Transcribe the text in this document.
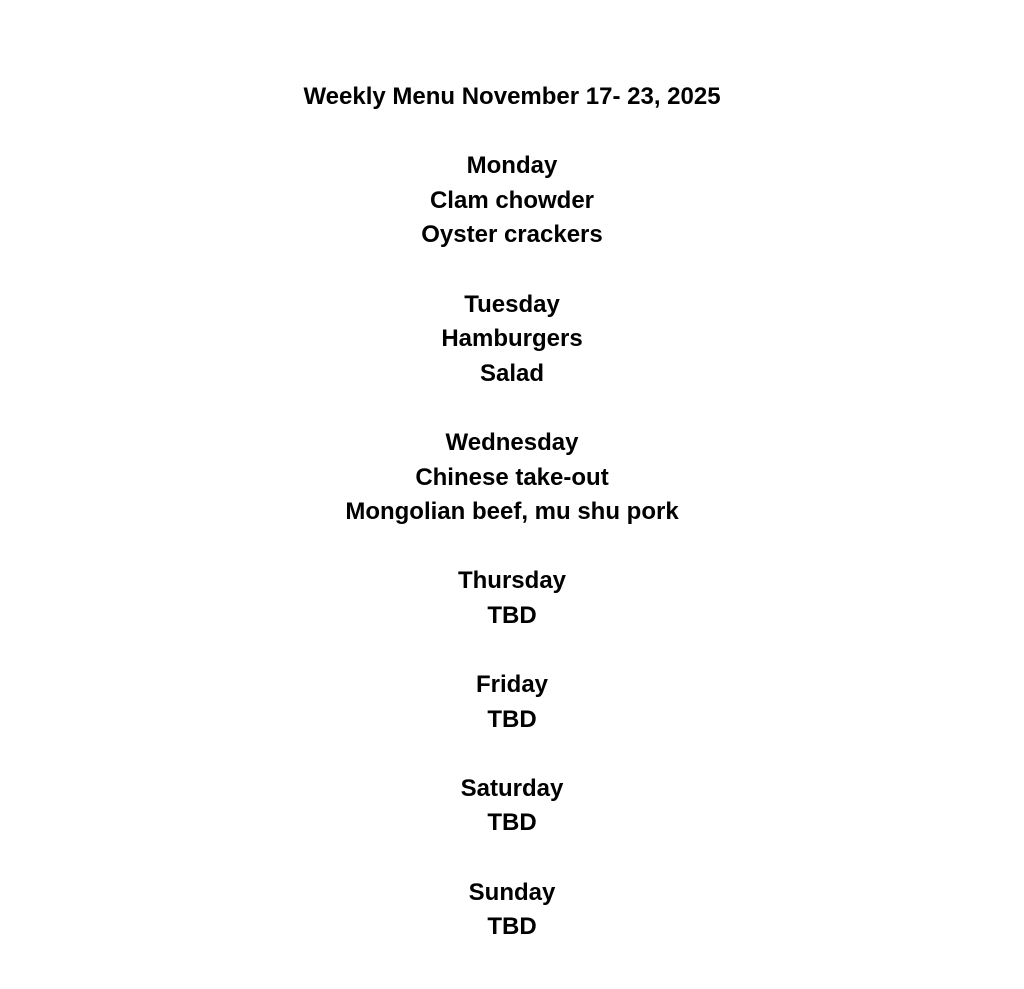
Weekly Menu November 17- 23, 2025
Monday
Clam chowder
Oyster crackers
Tuesday
Hamburgers
Salad
Wednesday
Chinese take-out
Mongolian beef, mu shu pork
Thursday
TBD
Friday
TBD
Saturday
TBD
Sunday
TBD
